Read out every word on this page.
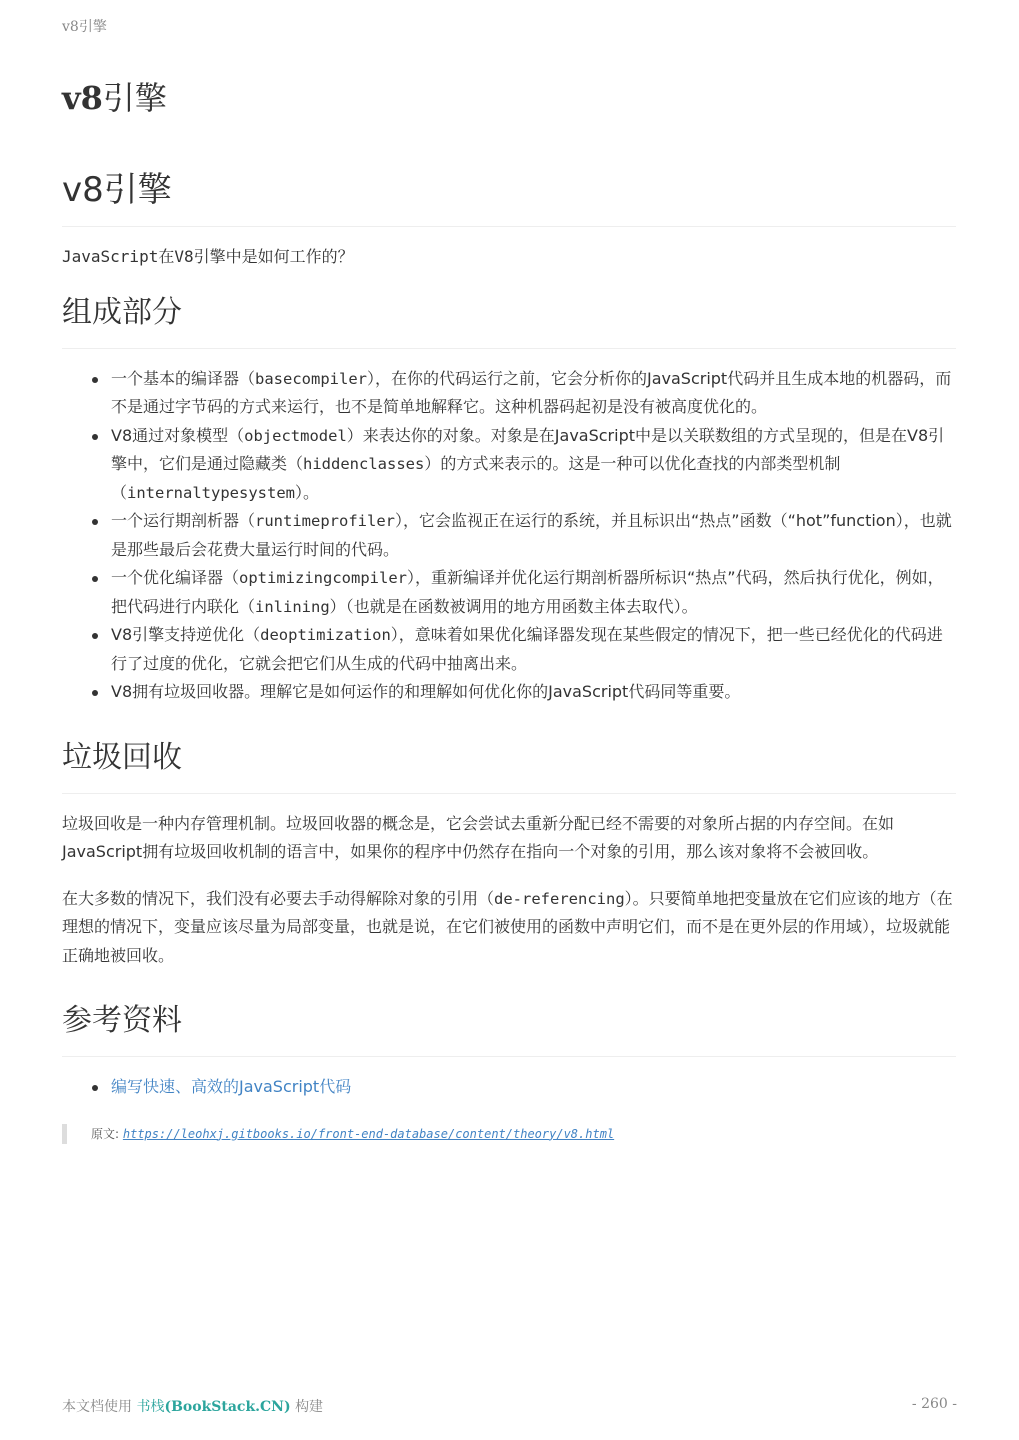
v8引擎
v8引擎
v8引擎

JavaScript在V8引擎中是如何工作的？

组成部分
一个基本的编译器（basecompiler），在你的代码运行之前，它会分析你的JavaScript代码并且生成本地的机器码，而不是通过字节码的方式来运行，也不是简单地解释它。这种机器码起初是没有被高度优化的。
V8通过对象模型（objectmodel）来表达你的对象。对象是在JavaScript中是以关联数组的方式呈现的，但是在V8引擎中，它们是通过隐藏类（hiddenclasses）的方式来表示的。这是一种可以优化查找的内部类型机制（internaltypesystem）。
一个运行期剖析器（runtimeprofiler），它会监视正在运行的系统，并且标识出“热点”函数（“hot”function），也就是那些最后会花费大量运行时间的代码。
一个优化编译器（optimizingcompiler），重新编译并优化运行期剖析器所标识“热点”代码，然后执行优化，例如，把代码进行内联化（inlining）（也就是在函数被调用的地方用函数主体去取代）。
V8引擎支持逆优化（deoptimization），意味着如果优化编译器发现在某些假定的情况下，把一些已经优化的代码进行了过度的优化，它就会把它们从生成的代码中抽离出来。
V8拥有垃圾回收器。理解它是如何运作的和理解如何优化你的JavaScript代码同等重要。
垃圾回收

垃圾回收是一种内存管理机制。垃圾回收器的概念是，它会尝试去重新分配已经不需要的对象所占据的内存空间。在如JavaScript拥有垃圾回收机制的语言中，如果你的程序中仍然存在指向一个对象的引用，那么该对象将不会被回收。

在大多数的情况下，我们没有必要去手动得解除对象的引用（de-referencing）。只要简单地把变量放在它们应该的地方（在理想的情况下，变量应该尽量为局部变量，也就是说，在它们被使用的函数中声明它们，而不是在更外层的作用域），垃圾就能正确地被回收。

参考资料
编写快速、高效的JavaScript代码
原文: https://leohxj.gitbooks.io/front-end-database/content/theory/v8.html
本文档使用 书栈(BookStack.CN) 构建	- 260 -
